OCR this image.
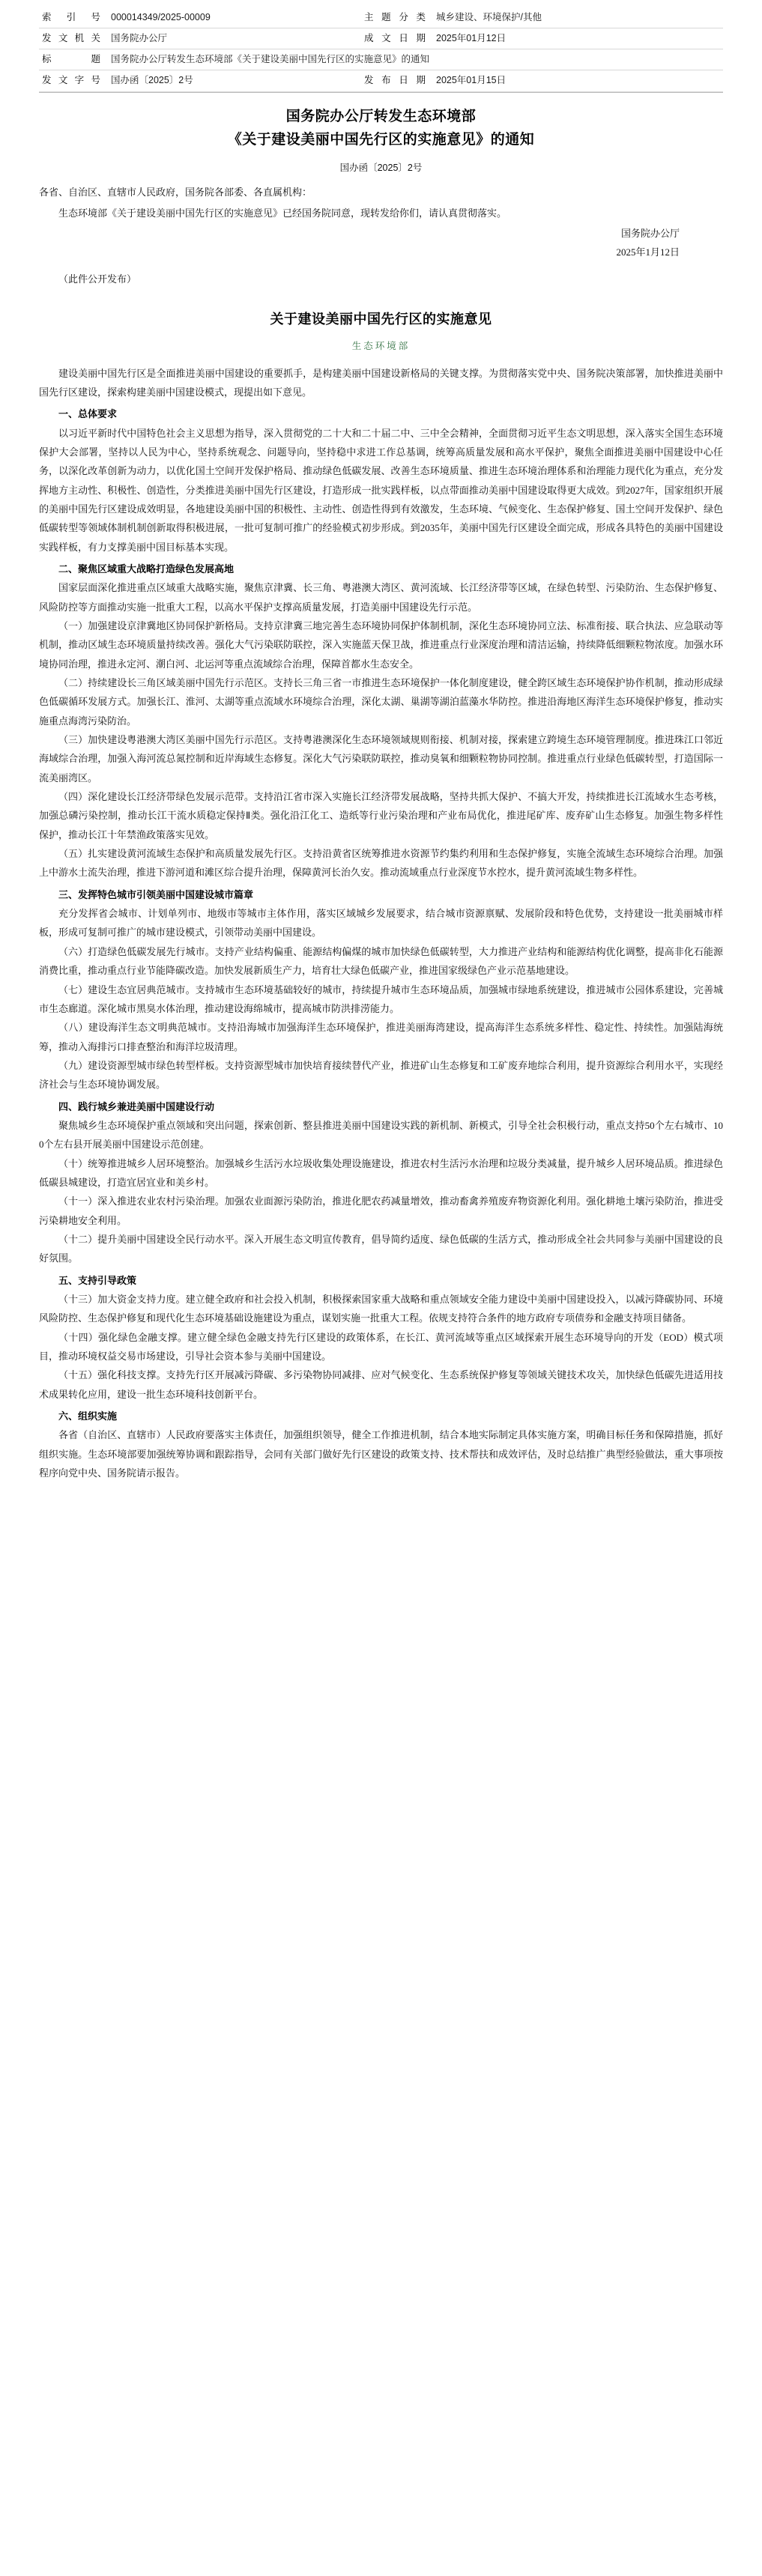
索 引 号	000014349/2025-00009	主题分类	城乡建设、环境保护/其他
发文机关	国务院办公厅	成文日期	2025年01月12日
标 题	国务院办公厅转发生态环境部《关于建设美丽中国先行区的实施意见》的通知		
发文字号	国办函〔2025〕2号	发布日期	2025年01月15日
国务院办公厅转发生态环境部
《关于建设美丽中国先行区的实施意见》的通知
国办函〔2025〕2号

各省、自治区、直辖市人民政府，国务院各部委、各直属机构：

生态环境部《关于建设美丽中国先行区的实施意见》已经国务院同意，现转发给你们，请认真贯彻落实。

国务院办公厅

2025年1月12日

（此件公开发布）

关于建设美丽中国先行区的实施意见
生态环境部

建设美丽中国先行区是全面推进美丽中国建设的重要抓手，是构建美丽中国建设新格局的关键支撑。为贯彻落实党中央、国务院决策部署，加快推进美丽中国先行区建设，探索构建美丽中国建设模式，现提出如下意见。

一、总体要求

以习近平新时代中国特色社会主义思想为指导，深入贯彻党的二十大和二十届二中、三中全会精神，全面贯彻习近平生态文明思想，深入落实全国生态环境保护大会部署，坚持以人民为中心，坚持系统观念、问题导向，坚持稳中求进工作总基调，统筹高质量发展和高水平保护，聚焦全面推进美丽中国建设中心任务，以深化改革创新为动力，以优化国土空间开发保护格局、推动绿色低碳发展、改善生态环境质量、推进生态环境治理体系和治理能力现代化为重点，充分发挥地方主动性、积极性、创造性，分类推进美丽中国先行区建设，打造形成一批实践样板，以点带面推动美丽中国建设取得更大成效。到2027年，国家组织开展的美丽中国先行区建设成效明显，各地建设美丽中国的积极性、主动性、创造性得到有效激发，生态环境、气候变化、生态保护修复、国土空间开发保护、绿色低碳转型等领域体制机制创新取得积极进展，一批可复制可推广的经验模式初步形成。到2035年，美丽中国先行区建设全面完成，形成各具特色的美丽中国建设实践样板，有力支撑美丽中国目标基本实现。

二、聚焦区域重大战略打造绿色发展高地

国家层面深化推进重点区域重大战略实施，聚焦京津冀、长三角、粤港澳大湾区、黄河流域、长江经济带等区域，在绿色转型、污染防治、生态保护修复、风险防控等方面推动实施一批重大工程，以高水平保护支撑高质量发展，打造美丽中国建设先行示范。

（一）加强建设京津冀地区协同保护新格局。支持京津冀三地完善生态环境协同保护体制机制，深化生态环境协同立法、标准衔接、联合执法、应急联动等机制，推动区域生态环境质量持续改善。强化大气污染联防联控，深入实施蓝天保卫战，推进重点行业深度治理和清洁运输，持续降低细颗粒物浓度。加强水环境协同治理，推进永定河、潮白河、北运河等重点流域综合治理，保障首都水生态安全。

（二）持续建设长三角区域美丽中国先行示范区。支持长三角三省一市推进生态环境保护一体化制度建设，健全跨区域生态环境保护协作机制，推动形成绿色低碳循环发展方式。加强长江、淮河、太湖等重点流域水环境综合治理，深化太湖、巢湖等湖泊蓝藻水华防控。推进沿海地区海洋生态环境保护修复，推动实施重点海湾污染防治。

（三）加快建设粤港澳大湾区美丽中国先行示范区。支持粤港澳深化生态环境领域规则衔接、机制对接，探索建立跨境生态环境管理制度。推进珠江口邻近海域综合治理，加强入海河流总氮控制和近岸海域生态修复。深化大气污染联防联控，推动臭氧和细颗粒物协同控制。推进重点行业绿色低碳转型，打造国际一流美丽湾区。

（四）深化建设长江经济带绿色发展示范带。支持沿江省市深入实施长江经济带发展战略，坚持共抓大保护、不搞大开发，持续推进长江流域水生态考核，加强总磷污染控制，推动长江干流水质稳定保持Ⅱ类。强化沿江化工、造纸等行业污染治理和产业布局优化，推进尾矿库、废弃矿山生态修复。加强生物多样性保护，推动长江十年禁渔政策落实见效。

（五）扎实建设黄河流域生态保护和高质量发展先行区。支持沿黄省区统筹推进水资源节约集约利用和生态保护修复，实施全流域生态环境综合治理。加强上中游水土流失治理，推进下游河道和滩区综合提升治理，保障黄河长治久安。推动流域重点行业深度节水控水，提升黄河流域生物多样性。

三、发挥特色城市引领美丽中国建设城市篇章

充分发挥省会城市、计划单列市、地级市等城市主体作用，落实区域城乡发展要求，结合城市资源禀赋、发展阶段和特色优势，支持建设一批美丽城市样板，形成可复制可推广的城市建设模式，引领带动美丽中国建设。

（六）打造绿色低碳发展先行城市。支持产业结构偏重、能源结构偏煤的城市加快绿色低碳转型，大力推进产业结构和能源结构优化调整，提高非化石能源消费比重，推动重点行业节能降碳改造。加快发展新质生产力，培育壮大绿色低碳产业，推进国家级绿色产业示范基地建设。

（七）建设生态宜居典范城市。支持城市生态环境基础较好的城市，持续提升城市生态环境品质，加强城市绿地系统建设，推进城市公园体系建设，完善城市生态廊道。深化城市黑臭水体治理，推动建设海绵城市，提高城市防洪排涝能力。

（八）建设海洋生态文明典范城市。支持沿海城市加强海洋生态环境保护，推进美丽海湾建设，提高海洋生态系统多样性、稳定性、持续性。加强陆海统筹，推动入海排污口排查整治和海洋垃圾清理。

（九）建设资源型城市绿色转型样板。支持资源型城市加快培育接续替代产业，推进矿山生态修复和工矿废弃地综合利用，提升资源综合利用水平，实现经济社会与生态环境协调发展。

四、践行城乡兼进美丽中国建设行动

聚焦城乡生态环境保护重点领域和突出问题，探索创新、整县推进美丽中国建设实践的新机制、新模式，引导全社会积极行动，重点支持50个左右城市、100个左右县开展美丽中国建设示范创建。

（十）统筹推进城乡人居环境整治。加强城乡生活污水垃圾收集处理设施建设，推进农村生活污水治理和垃圾分类减量，提升城乡人居环境品质。推进绿色低碳县城建设，打造宜居宜业和美乡村。

（十一）深入推进农业农村污染治理。加强农业面源污染防治，推进化肥农药减量增效，推动畜禽养殖废弃物资源化利用。强化耕地土壤污染防治，推进受污染耕地安全利用。

（十二）提升美丽中国建设全民行动水平。深入开展生态文明宣传教育，倡导简约适度、绿色低碳的生活方式，推动形成全社会共同参与美丽中国建设的良好氛围。

五、支持引导政策

（十三）加大资金支持力度。建立健全政府和社会投入机制，积极探索国家重大战略和重点领域安全能力建设中美丽中国建设投入，以减污降碳协同、环境风险防控、生态保护修复和现代化生态环境基础设施建设为重点，谋划实施一批重大工程。依规支持符合条件的地方政府专项债券和金融支持项目储备。

（十四）强化绿色金融支撑。建立健全绿色金融支持先行区建设的政策体系，在长江、黄河流域等重点区域探索开展生态环境导向的开发（EOD）模式项目，推动环境权益交易市场建设，引导社会资本参与美丽中国建设。

（十五）强化科技支撑。支持先行区开展减污降碳、多污染物协同减排、应对气候变化、生态系统保护修复等领域关键技术攻关，加快绿色低碳先进适用技术成果转化应用，建设一批生态环境科技创新平台。

六、组织实施

各省（自治区、直辖市）人民政府要落实主体责任，加强组织领导，健全工作推进机制，结合本地实际制定具体实施方案，明确目标任务和保障措施，抓好组织实施。生态环境部要加强统筹协调和跟踪指导，会同有关部门做好先行区建设的政策支持、技术帮扶和成效评估，及时总结推广典型经验做法，重大事项按程序向党中央、国务院请示报告。
